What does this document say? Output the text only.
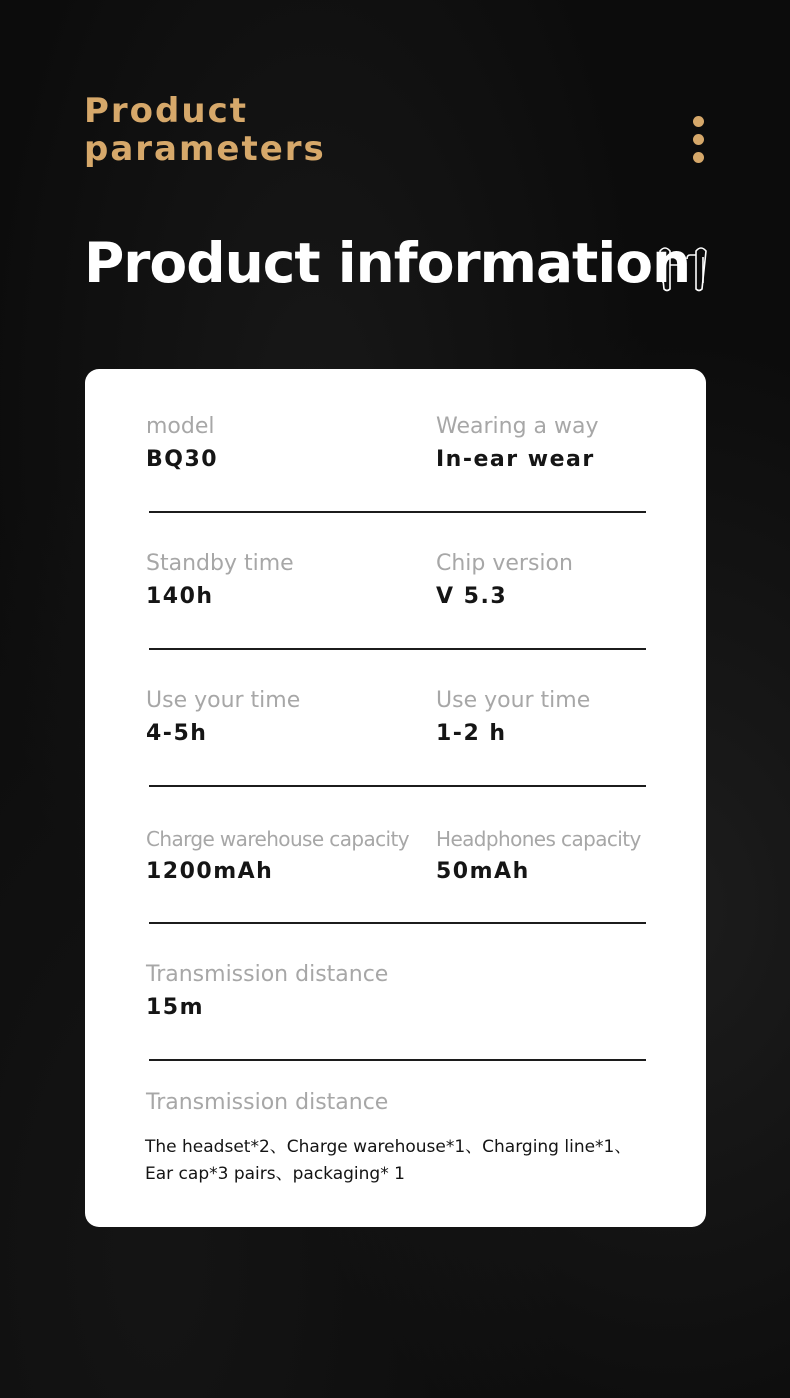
Product
parameters
Product information
model
BQ30
Wearing a way
In-ear wear
Standby time
140h
Chip version
V 5.3
Use your time
4-5h
Use your time
1-2 h
Charge warehouse capacity
1200mAh
Headphones capacity
50mAh
Transmission distance
15m
Transmission distance

The headset*2、Charge warehouse*1、Charging line*1、
Ear cap*3 pairs、packaging* 1
